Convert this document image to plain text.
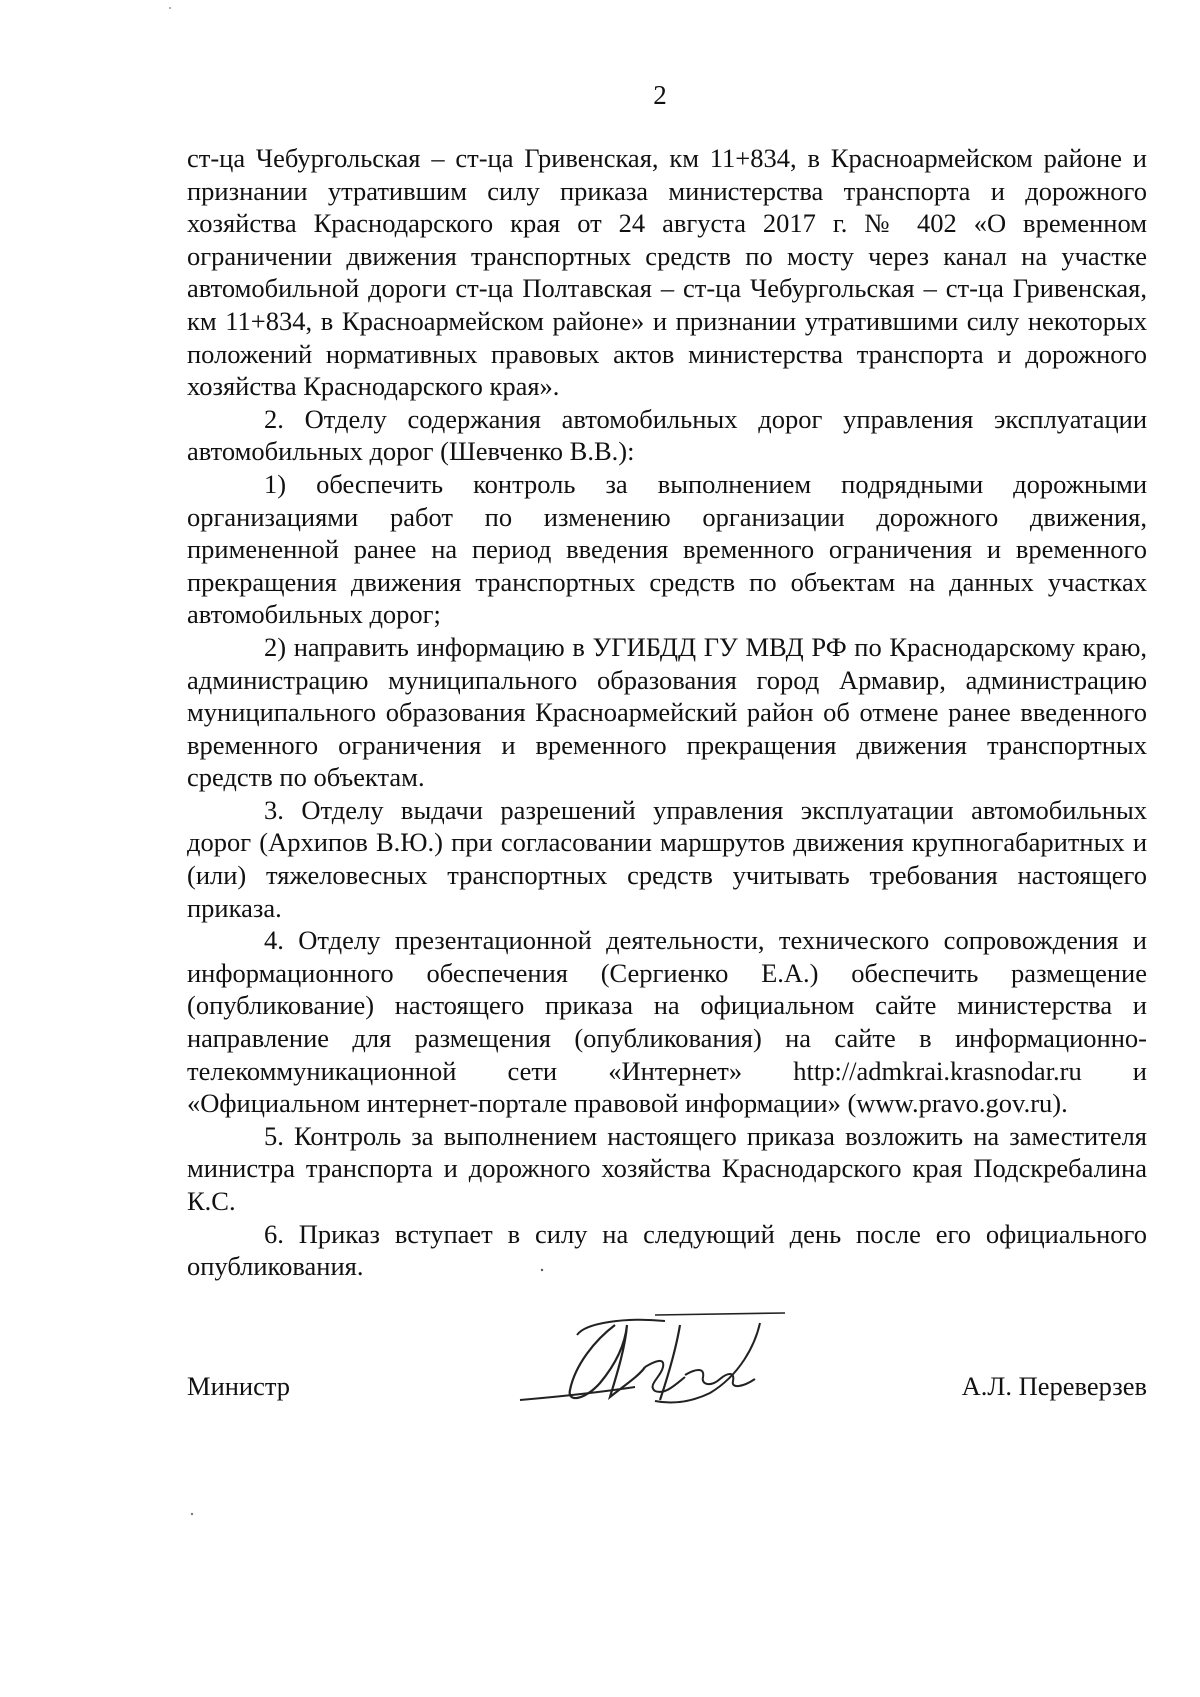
2

ст-ца Чебургольская – ст-ца Гривенская, км 11+834, в Красноармейском районе и признании утратившим силу приказа министерства транспорта и дорожного хозяйства Краснодарского края от 24 августа 2017 г. № 402 «О временном ограничении движения транспортных средств по мосту через канал на участке автомобильной дороги ст-ца Полтавская – ст-ца Чебургольская – ст-ца Гривенская, км 11+834, в Красноармейском районе» и признании утратившими силу некоторых положений нормативных правовых актов министерства транспорта и дорожного хозяйства Краснодарского края».

2. Отделу содержания автомобильных дорог управления эксплуатации автомобильных дорог (Шевченко В.В.):

1) обеспечить контроль за выполнением подрядными дорожными организациями работ по изменению организации дорожного движения, примененной ранее на период введения временного ограничения и временного прекращения движения транспортных средств по объектам на данных участках автомобильных дорог;

2) направить информацию в УГИБДД ГУ МВД РФ по Краснодарскому краю, администрацию муниципального образования город Армавир, администрацию муниципального образования Красноармейский район об отмене ранее введенного временного ограничения и временного прекращения движения транспортных средств по объектам.

3. Отделу выдачи разрешений управления эксплуатации автомобильных дорог (Архипов В.Ю.) при согласовании маршрутов движения крупногабаритных и (или) тяжеловесных транспортных средств учитывать требования настоящего приказа.

4. Отделу презентационной деятельности, технического сопровождения и информационного обеспечения (Сергиенко Е.А.) обеспечить размещение (опубликование) настоящего приказа на официальном сайте министерства и направление для размещения (опубликования) на сайте в информационно-телекоммуникационной сети «Интернет» http://admkrai.krasnodar.ru и «Официальном интернет-портале правовой информации» (www.pravo.gov.ru).

5. Контроль за выполнением настоящего приказа возложить на заместителя министра транспорта и дорожного хозяйства Краснодарского края Подскребалина К.С.

6. Приказ вступает в силу на следующий день после его официального опубликования.

Министр	А.Л. Переверзев
